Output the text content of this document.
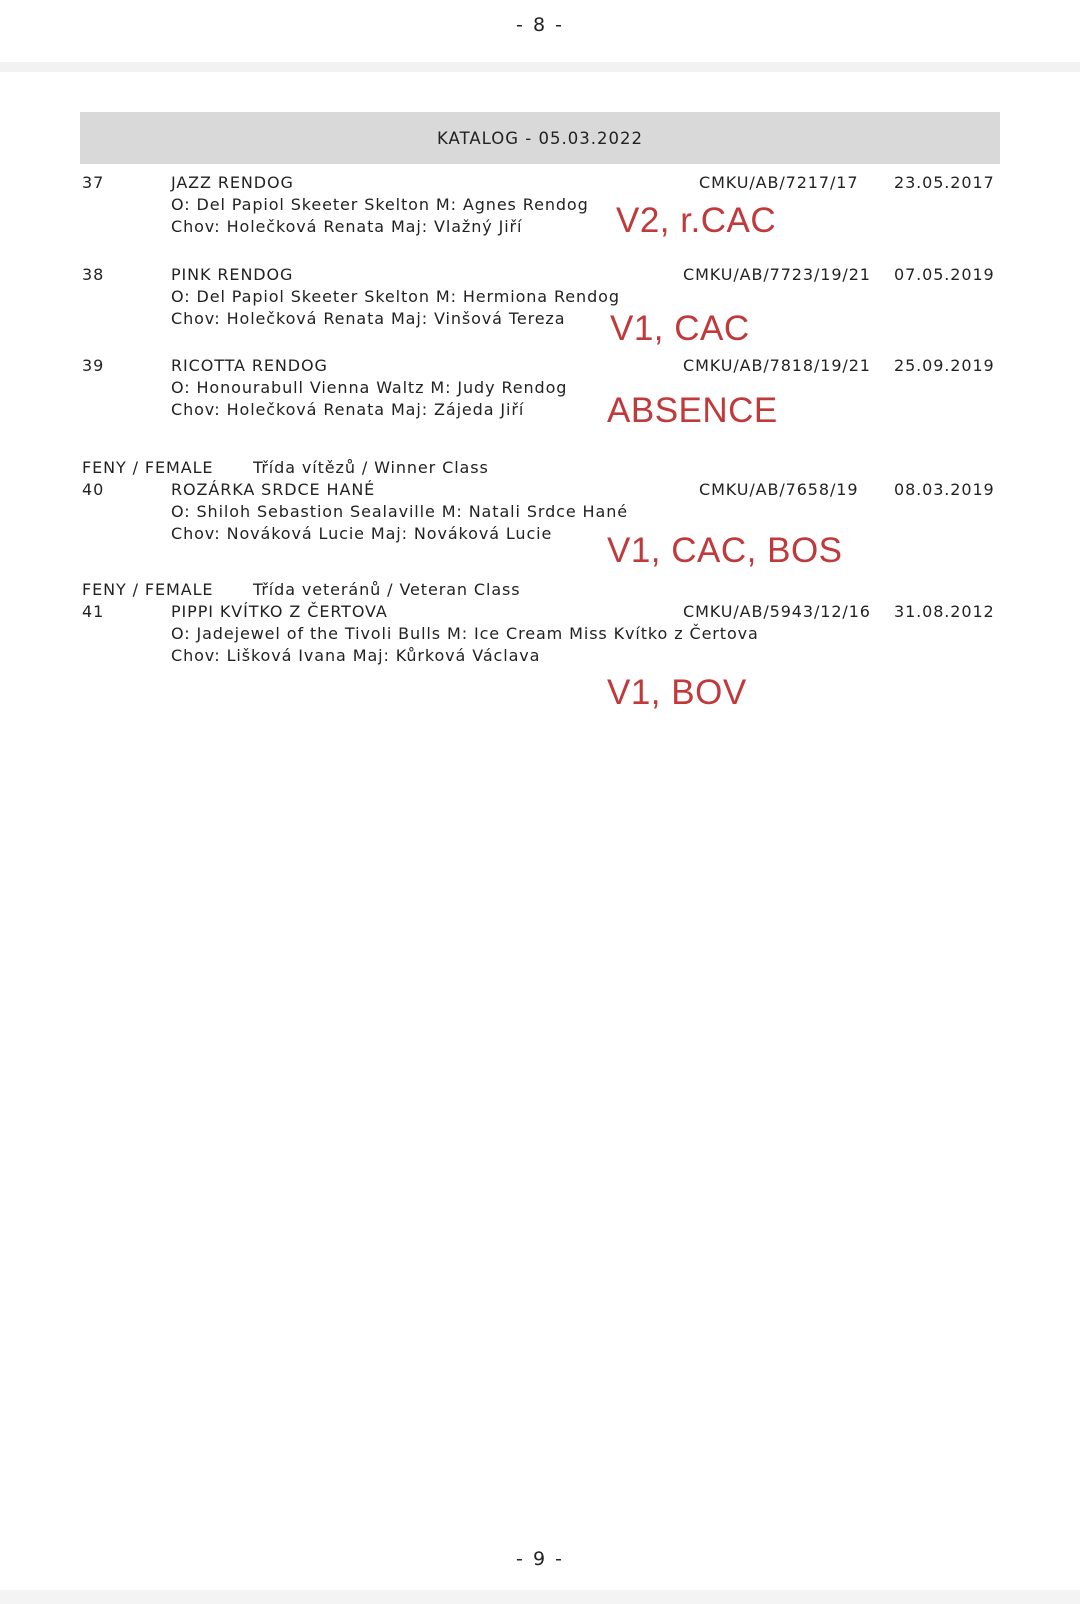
- 8 -
KATALOG - 05.03.2022
37	JAZZ RENDOG	CMKU/AB/7217/17 23.05.2017
O: Del Papiol Skeeter Skelton M: Agnes Rendog
Chov: Holečková Renata Maj: Vlažný Jiří	V2, r.CAC
38	PINK RENDOG	CMKU/AB/7723/19/21 07.05.2019
O: Del Papiol Skeeter Skelton M: Hermiona Rendog
Chov: Holečková Renata Maj: Vinšová Tereza V1, CAC
39	RICOTTA RENDOG	CMKU/AB/7818/19/21 25.09.2019
O: Honourabull Vienna Waltz M: Judy Rendog
Chov: Holečková Renata Maj: Zájeda Jiří ABSENCE
FENY / FEMALE Třída vítězů / Winner Class
40	ROZÁRKA SRDCE HANÉ	CMKU/AB/7658/19 08.03.2019
O: Shiloh Sebastion Sealaville M: Natali Srdce Hané
Chov: Nováková Lucie Maj: Nováková Lucie V1, CAC, BOS
FENY / FEMALE Třída veteránů / Veteran Class
41	PIPPI KVÍTKO Z ČERTOVA	CMKU/AB/5943/12/16 31.08.2012
O: Jadejewel of the Tivoli Bulls M: Ice Cream Miss Kvítko z Čertova
Chov: Lišková Ivana Maj: Kůrková Václava
V1, BOV
- 9 -
